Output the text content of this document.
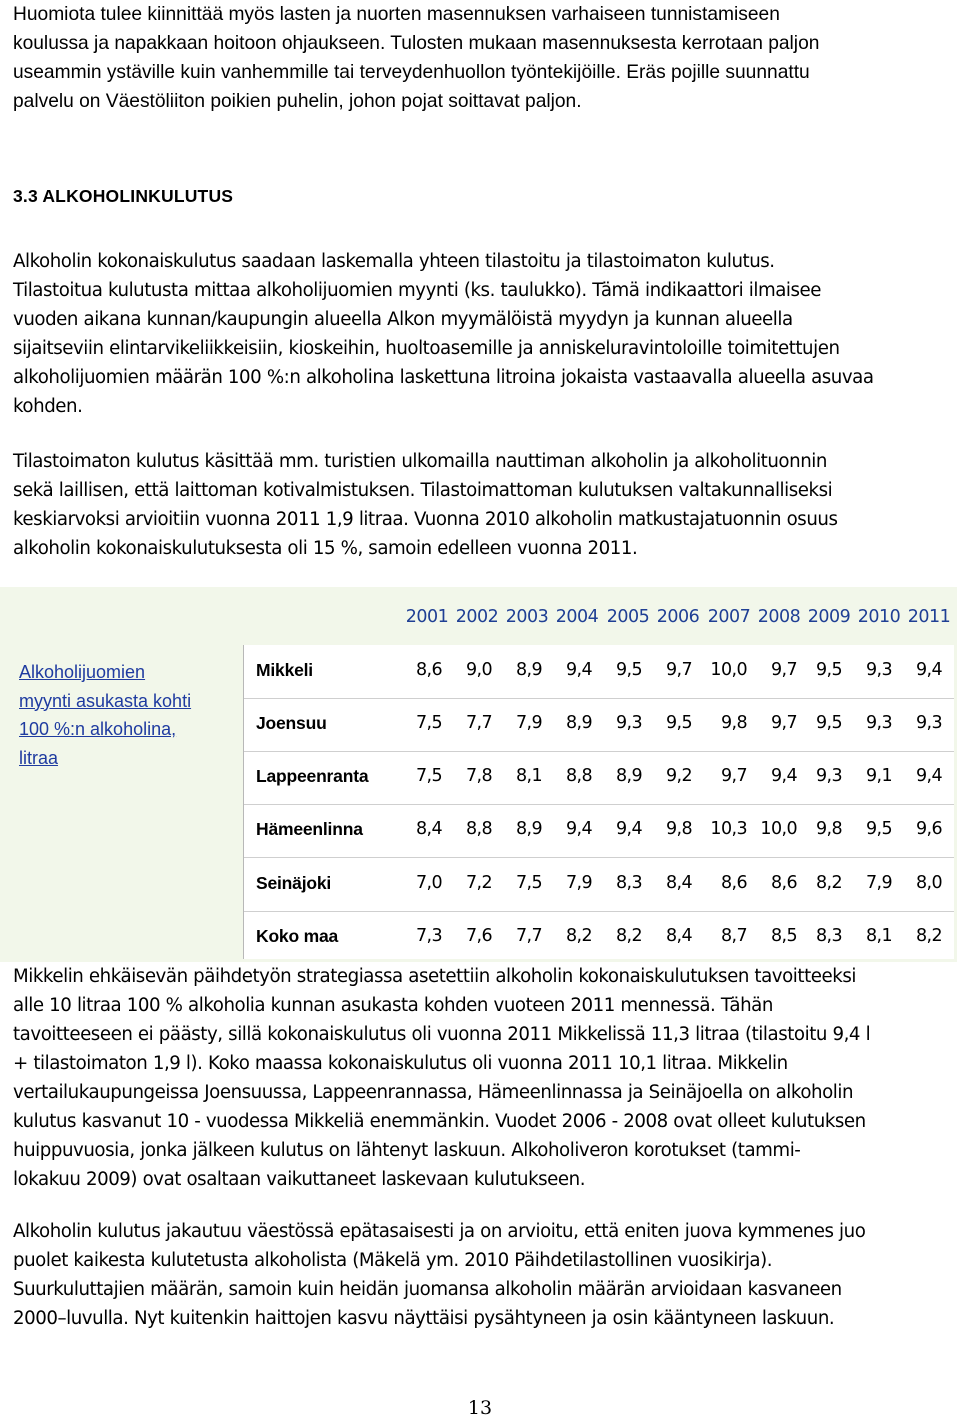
Huomiota tulee kiinnittää myös lasten ja nuorten masennuksen varhaiseen tunnistamiseen
koulussa ja napakkaan hoitoon ohjaukseen. Tulosten mukaan masennuksesta kerrotaan paljon
useammin ystäville kuin vanhemmille tai terveydenhuollon työntekijöille. Eräs pojille suunnattu
palvelu on Väestöliiton poikien puhelin, johon pojat soittavat paljon.

3.3 ALKOHOLINKULUTUS

Alkoholin kokonaiskulutus saadaan laskemalla yhteen tilastoitu ja tilastoimaton kulutus.
Tilastoitua kulutusta mittaa alkoholijuomien myynti (ks. taulukko). Tämä indikaattori ilmaisee
vuoden aikana kunnan/kaupungin alueella Alkon myymälöistä myydyn ja kunnan alueella
sijaitseviin elintarvikeliikkeisiin, kioskeihin, huoltoasemille ja anniskeluravintoloille toimitettujen
alkoholijuomien määrän 100 %:n alkoholina laskettuna litroina jokaista vastaavalla alueella asuvaa
kohden.

Tilastoimaton kulutus käsittää mm. turistien ulkomailla nauttiman alkoholin ja alkoholituonnin
sekä laillisen, että laittoman kotivalmistuksen. Tilastoimattoman kulutuksen valtakunnalliseksi
keskiarvoksi arvioitiin vuonna 2011 1,9 litraa. Vuonna 2010 alkoholin matkustajatuonnin osuus
alkoholin kokonaiskulutuksesta oli 15 %, samoin edelleen vuonna 2011.

Alkoholijuomien
myynti asukasta kohti
100 %:n alkoholina,
litraa

2001 2002 2003 2004 2005 2006 2007 2008 2009 2010 2011
Mikkeli	8,6	9,0	8,9	9,4	9,5	9,7	10,0	9,7	9,5	9,3	9,4
Joensuu	7,5	7,7	7,9	8,9	9,3	9,5	9,8	9,7	9,5	9,3	9,3
Lappeenranta	7,5	7,8	8,1	8,8	8,9	9,2	9,7	9,4	9,3	9,1	9,4
Hämeenlinna	8,4	8,8	8,9	9,4	9,4	9,8	10,3 10,0	9,8	9,5	9,6
Seinäjoki	7,0	7,2	7,5	7,9	8,3	8,4	8,6	8,6	8,2	7,9	8,0
Koko maa	7,3	7,6	7,7	8,2	8,2	8,4	8,7	8,5	8,3	8,1	8,2

Mikkelin ehkäisevän päihdetyön strategiassa asetettiin alkoholin kokonaiskulutuksen tavoitteeksi
alle 10 litraa 100 % alkoholia kunnan asukasta kohden vuoteen 2011 mennessä. Tähän
tavoitteeseen ei päästy, sillä kokonaiskulutus oli vuonna 2011 Mikkelissä 11,3 litraa (tilastoitu 9,4 l
+ tilastoimaton 1,9 l). Koko maassa kokonaiskulutus oli vuonna 2011 10,1 litraa. Mikkelin
vertailukaupungeissa Joensuussa, Lappeenrannassa, Hämeenlinnassa ja Seinäjoella on alkoholin
kulutus kasvanut 10 - vuodessa Mikkeliä enemmänkin. Vuodet 2006 - 2008 ovat olleet kulutuksen
huippuvuosia, jonka jälkeen kulutus on lähtenyt laskuun. Alkoholiveron korotukset (tammi-
lokakuu 2009) ovat osaltaan vaikuttaneet laskevaan kulutukseen.

Alkoholin kulutus jakautuu väestössä epätasaisesti ja on arvioitu, että eniten juova kymmenes juo
puolet kaikesta kulutetusta alkoholista (Mäkelä ym. 2010 Päihdetilastollinen vuosikirja).
Suurkuluttajien määrän, samoin kuin heidän juomansa alkoholin määrän arvioidaan kasvaneen
2000–luvulla. Nyt kuitenkin haittojen kasvu näyttäisi pysähtyneen ja osin kääntyneen laskuun.

13
